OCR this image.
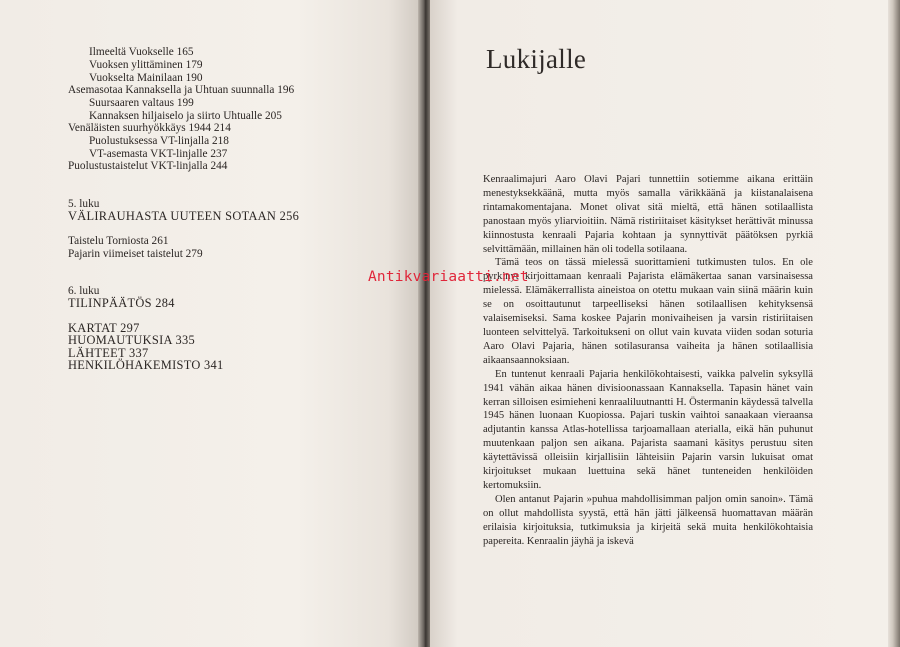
Ilmeeltä Vuokselle 165
Vuoksen ylittäminen 179
Vuokselta Mainilaan 190
Asemasotaa Kannaksella ja Uhtuan suunnalla 196
Suursaaren valtaus 199
Kannaksen hiljaiselo ja siirto Uhtualle 205
Venäläisten suurhyökkäys 1944 214
Puolustuksessa VT-linjalla 218
VT-asemasta VKT-linjalle 237
Puolustustaistelut VKT-linjalla 244
5. luku
VÄLIRAUHASTA UUTEEN SOTAAN 256
Taistelu Torniosta 261
Pajarin viimeiset taistelut 279
6. luku
TILINPÄÄTÖS 284
KARTAT 297
HUOMAUTUKSIA 335
LÄHTEET 337
HENKILÖHAKEMISTO 341
Lukijalle

Kenraalimajuri Aaro Olavi Pajari tunnettiin sotiemme aikana erittäin menestyksekkäänä, mutta myös samalla värikkäänä ja kiistanalaisena rintamakomentajana. Monet olivat sitä mieltä, että hänen sotilaallista panostaan myös yliarvioitiin. Nämä ristiriitaiset käsitykset herättivät minussa kiinnostusta kenraali Pajaria kohtaan ja synnyttivät päätöksen pyrkiä selvittämään, millainen hän oli todella sotilaana.

Tämä teos on tässä mielessä suorittamieni tutkimusten tulos. En ole pyrkinyt kirjoittamaan kenraali Pajarista elämäkertaa sanan varsinaisessa mielessä. Elämäkerrallista aineistoa on otettu mukaan vain siinä määrin kuin se on osoittautunut tarpeelliseksi hänen sotilaallisen kehityksensä valaisemiseksi. Sama koskee Pajarin monivaiheisen ja varsin ristiriitaisen luonteen selvittelyä. Tarkoitukseni on ollut vain kuvata viiden sodan soturia Aaro Olavi Pajaria, hänen sotilasuransa vaiheita ja hänen sotilaallisia aikaansaannoksiaan.

En tuntenut kenraali Pajaria henkilökohtaisesti, vaikka palvelin syksyllä 1941 vähän aikaa hänen divisioonassaan Kannaksella. Tapasin hänet vain kerran silloisen esimieheni kenraaliluutnantti H. Östermanin käydessä talvella 1945 hänen luonaan Kuopiossa. Pajari tuskin vaihtoi sanaakaan vieraansa adjutantin kanssa Atlas-hotellissa tarjoamallaan aterialla, eikä hän puhunut muutenkaan paljon sen aikana. Pajarista saamani käsitys perustuu siten käytettävissä olleisiin kirjallisiin lähteisiin Pajarin varsin lukuisat omat kirjoitukset mukaan luettuina sekä hänet tunteneiden henkilöiden kertomuksiin.

Olen antanut Pajarin »puhua mahdollisimman paljon omin sanoin». Tämä on ollut mahdollista syystä, että hän jätti jälkeensä huomattavan määrän erilaisia kirjoituksia, tutkimuksia ja kirjeitä sekä muita henkilökohtaisia papereita. Kenraalin jäyhä ja iskevä

Antikvariaatti.net
